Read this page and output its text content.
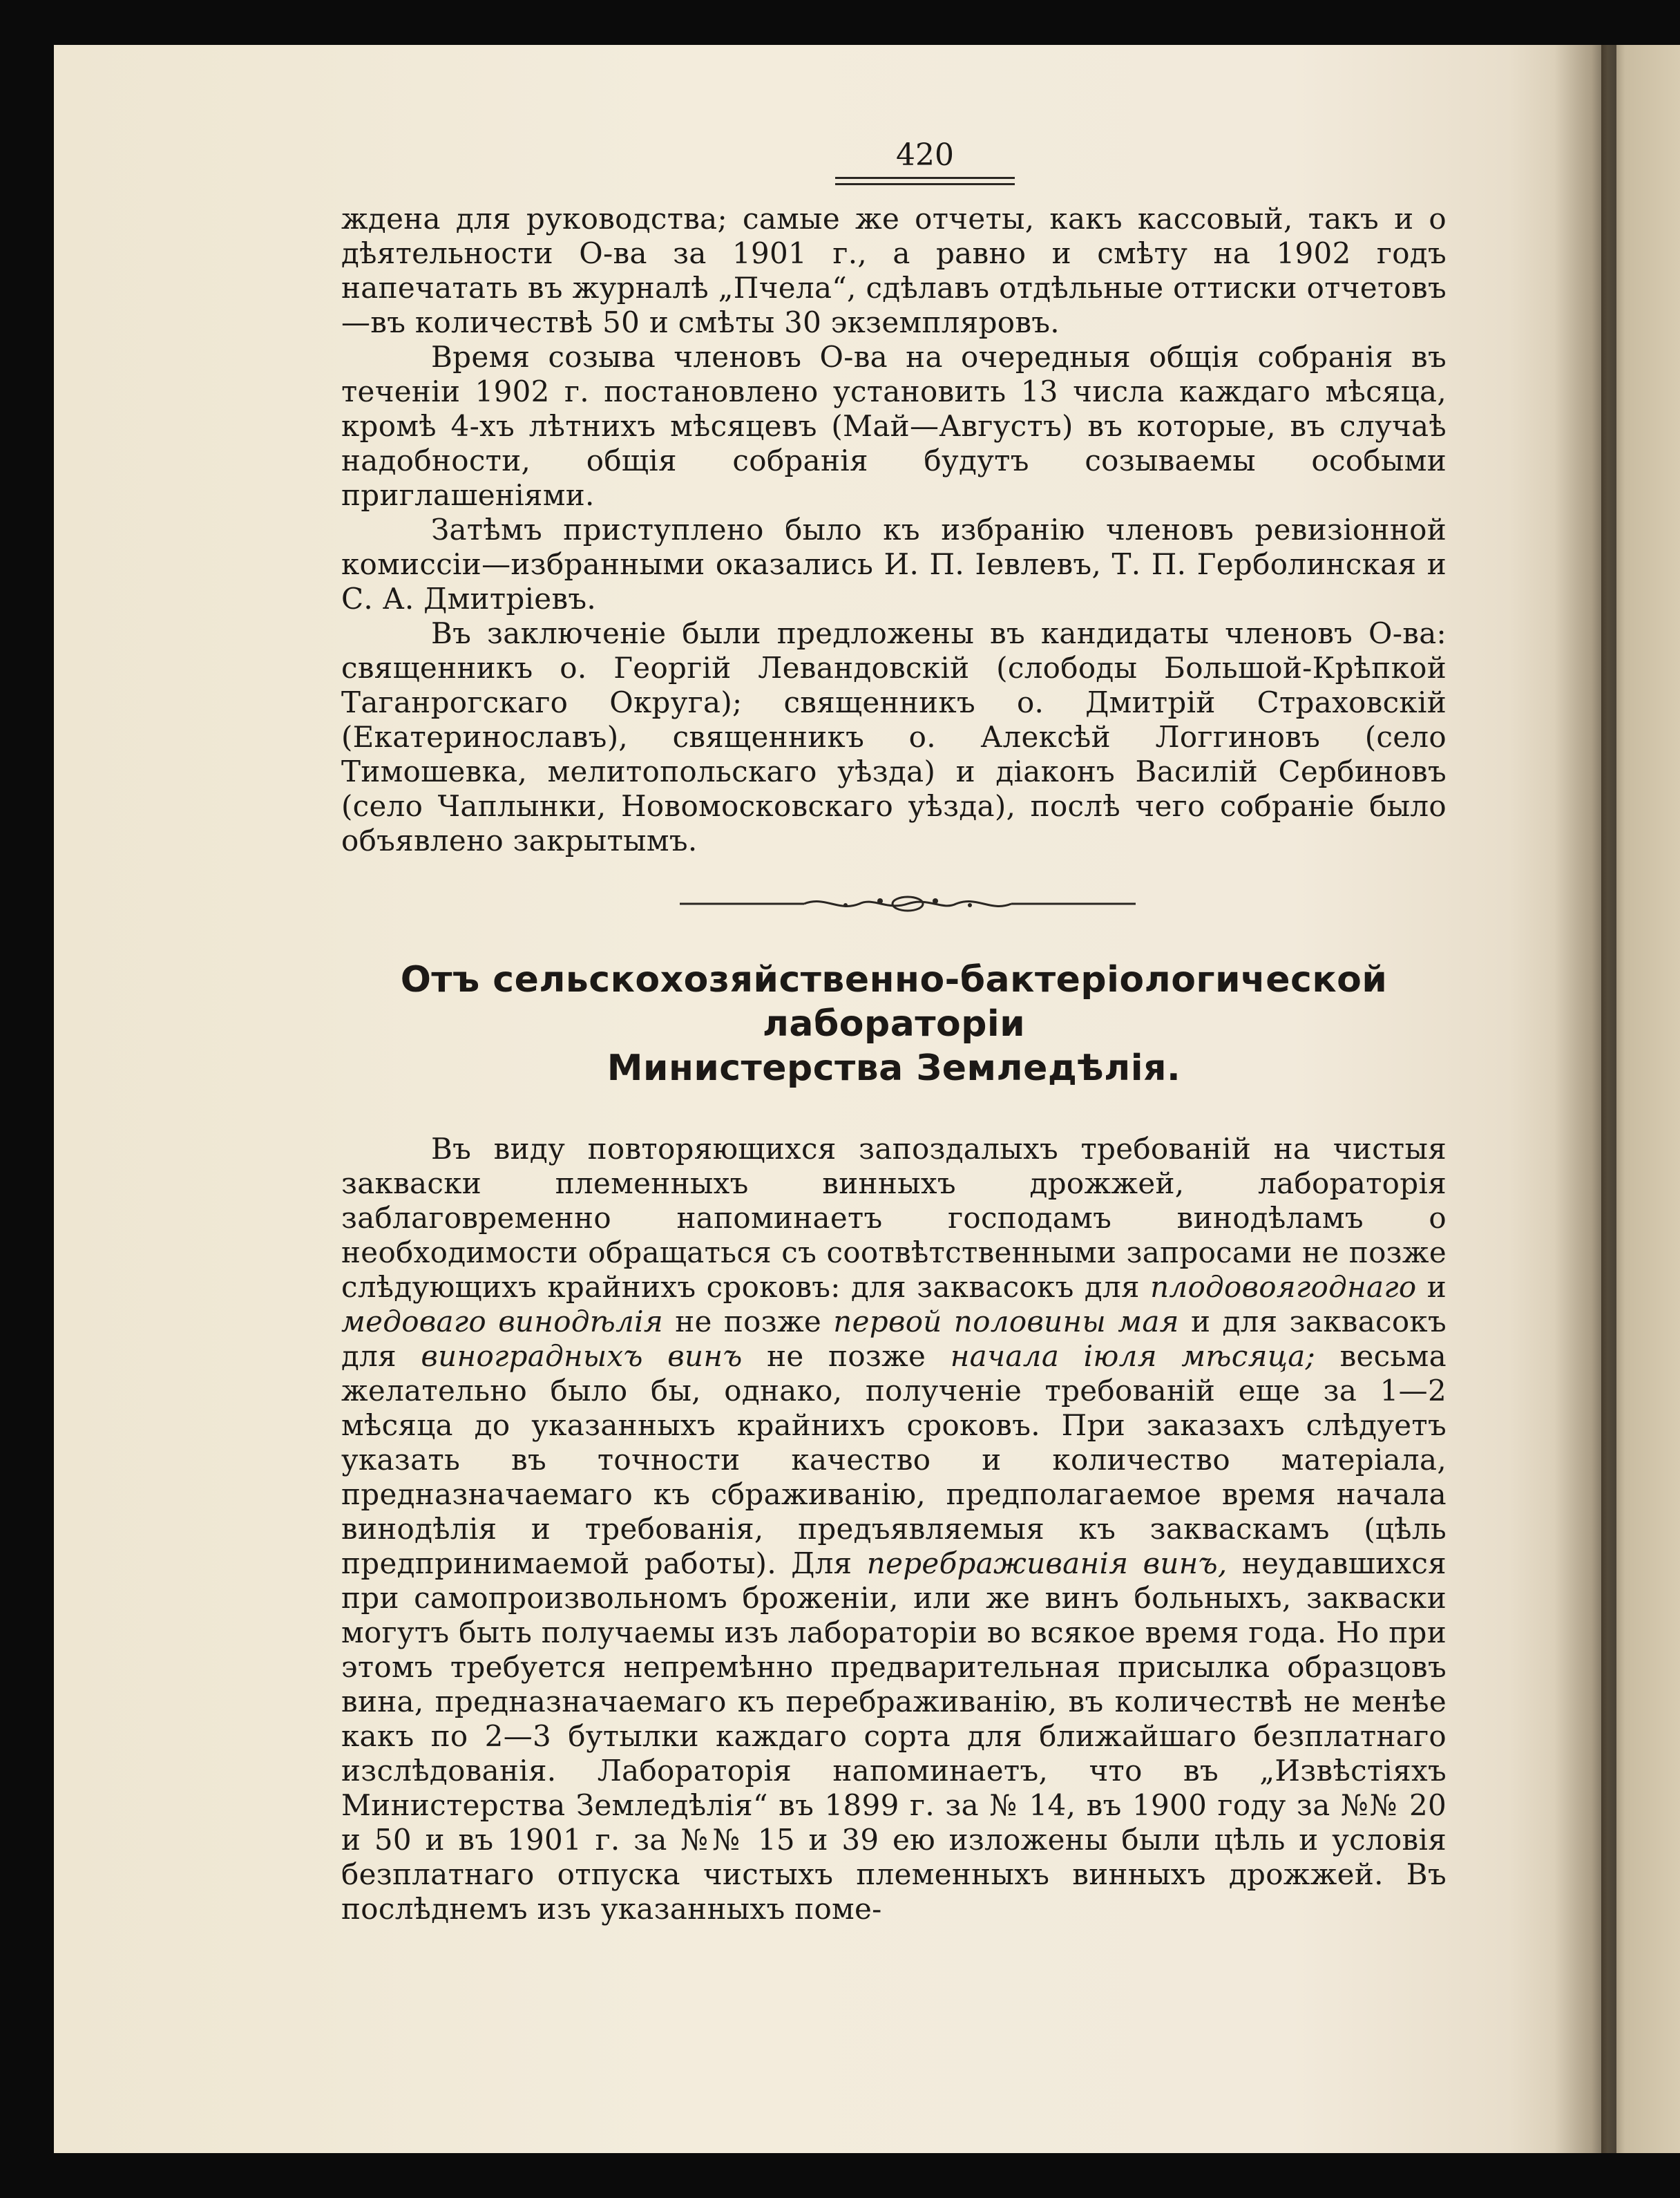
420

ждена для руководства; самые же отчеты, какъ кассовый, такъ и о дѣятельности О-ва за 1901 г., а равно и смѣту на 1902 годъ напечатать въ журналѣ „Пчела“, сдѣлавъ отдѣльные оттиски отчетовъ—въ количествѣ 50 и смѣты 30 экземпляровъ.

Время созыва членовъ О-ва на очередныя общія собранія въ теченіи 1902 г. постановлено установить 13 числа каждаго мѣсяца, кромѣ 4-хъ лѣтнихъ мѣсяцевъ (Май—Августъ) въ которые, въ случаѣ надобности, общія собранія будутъ созываемы особыми приглашеніями.

Затѣмъ приступлено было къ избранію членовъ ревизіонной комиссіи—избранными оказались И. П. Іевлевъ, Т. П. Герболинская и С. А. Дмитріевъ.

Въ заключеніе были предложены въ кандидаты членовъ О-ва: священникъ о. Георгій Левандовскій (слободы Большой-Крѣпкой Таганрогскаго Округа); священникъ о. Дмитрій Страховскій (Екатеринославъ), священникъ о. Алексѣй Логгиновъ (село Тимошевка, мелитопольскаго уѣзда) и діаконъ Василій Сербиновъ (село Чаплынки, Новомосковскаго уѣзда), послѣ чего собраніе было объявлено закрытымъ.

Отъ сельскохозяйственно-бактеріологической лабораторіи
Министерства Земледѣлія.

Въ виду повторяющихся запоздалыхъ требованій на чистыя закваски племенныхъ винныхъ дрожжей, лабораторія заблаговременно напоминаетъ господамъ винодѣламъ о необходимости обращаться съ соотвѣтственными запросами не позже слѣдующихъ крайнихъ сроковъ: для заквасокъ для плодовоягоднаго и медоваго винодѣлія не позже первой половины мая и для заквасокъ для виноградныхъ винъ не позже начала іюля мѣсяца; весьма желательно было бы, однако, полученіе требованій еще за 1—2 мѣсяца до указанныхъ крайнихъ сроковъ. При заказахъ слѣдуетъ указать въ точности качество и количество матеріала, предназначаемаго къ сбраживанію, предполагаемое время начала винодѣлія и требованія, предъявляемыя къ заквaскамъ (цѣль предпринимаемой работы). Для перебраживанія винъ, неудавшихся при самопроизвольномъ броженіи, или же винъ больныхъ, закваски могутъ быть получаемы изъ лабораторіи во всякое время года. Но при этомъ требуется непремѣнно предварительная присылка образцовъ вина, предназначаемаго къ перебраживанію, въ количествѣ не менѣе какъ по 2—3 бутылки каждаго сорта для ближайшаго безплатнаго изслѣдованія. Лабораторія напоминаетъ, что въ „Извѣстіяхъ Министерства Земледѣлія“ въ 1899 г. за № 14, въ 1900 году за №№ 20 и 50 и въ 1901 г. за №№ 15 и 39 ею изложены были цѣль и условія безплатнаго отпуска чистыхъ племенныхъ винныхъ дрожжей. Въ послѣднемъ изъ указанныхъ поме-
